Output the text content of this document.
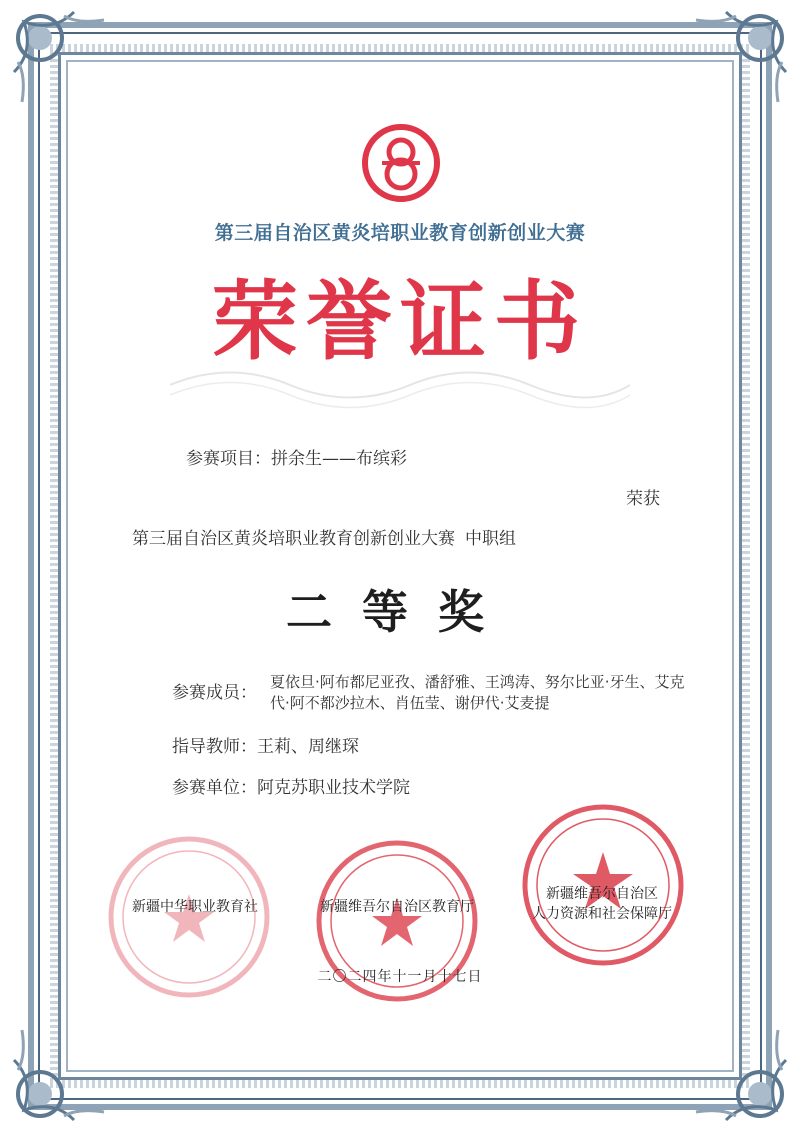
第三届自治区黄炎培职业教育创新创业大赛
荣誉证书
参赛项目：拼余生——布缤彩
荣获
第三届自治区黄炎培职业教育创新创业大赛 中职组
二等奖
参赛成员：
夏依旦·阿布都尼亚孜、潘舒雅、王鸿涛、努尔比亚·牙生、艾克代·阿不都沙拉木、肖伍莹、谢伊代·艾麦提
指导教师：王莉、周继琛
参赛单位：阿克苏职业技术学院
新疆中华职业教育社	新疆维吾尔自治区教育厅
新疆维吾尔自治区
人力资源和社会保障厅
二〇二四年十一月十七日
